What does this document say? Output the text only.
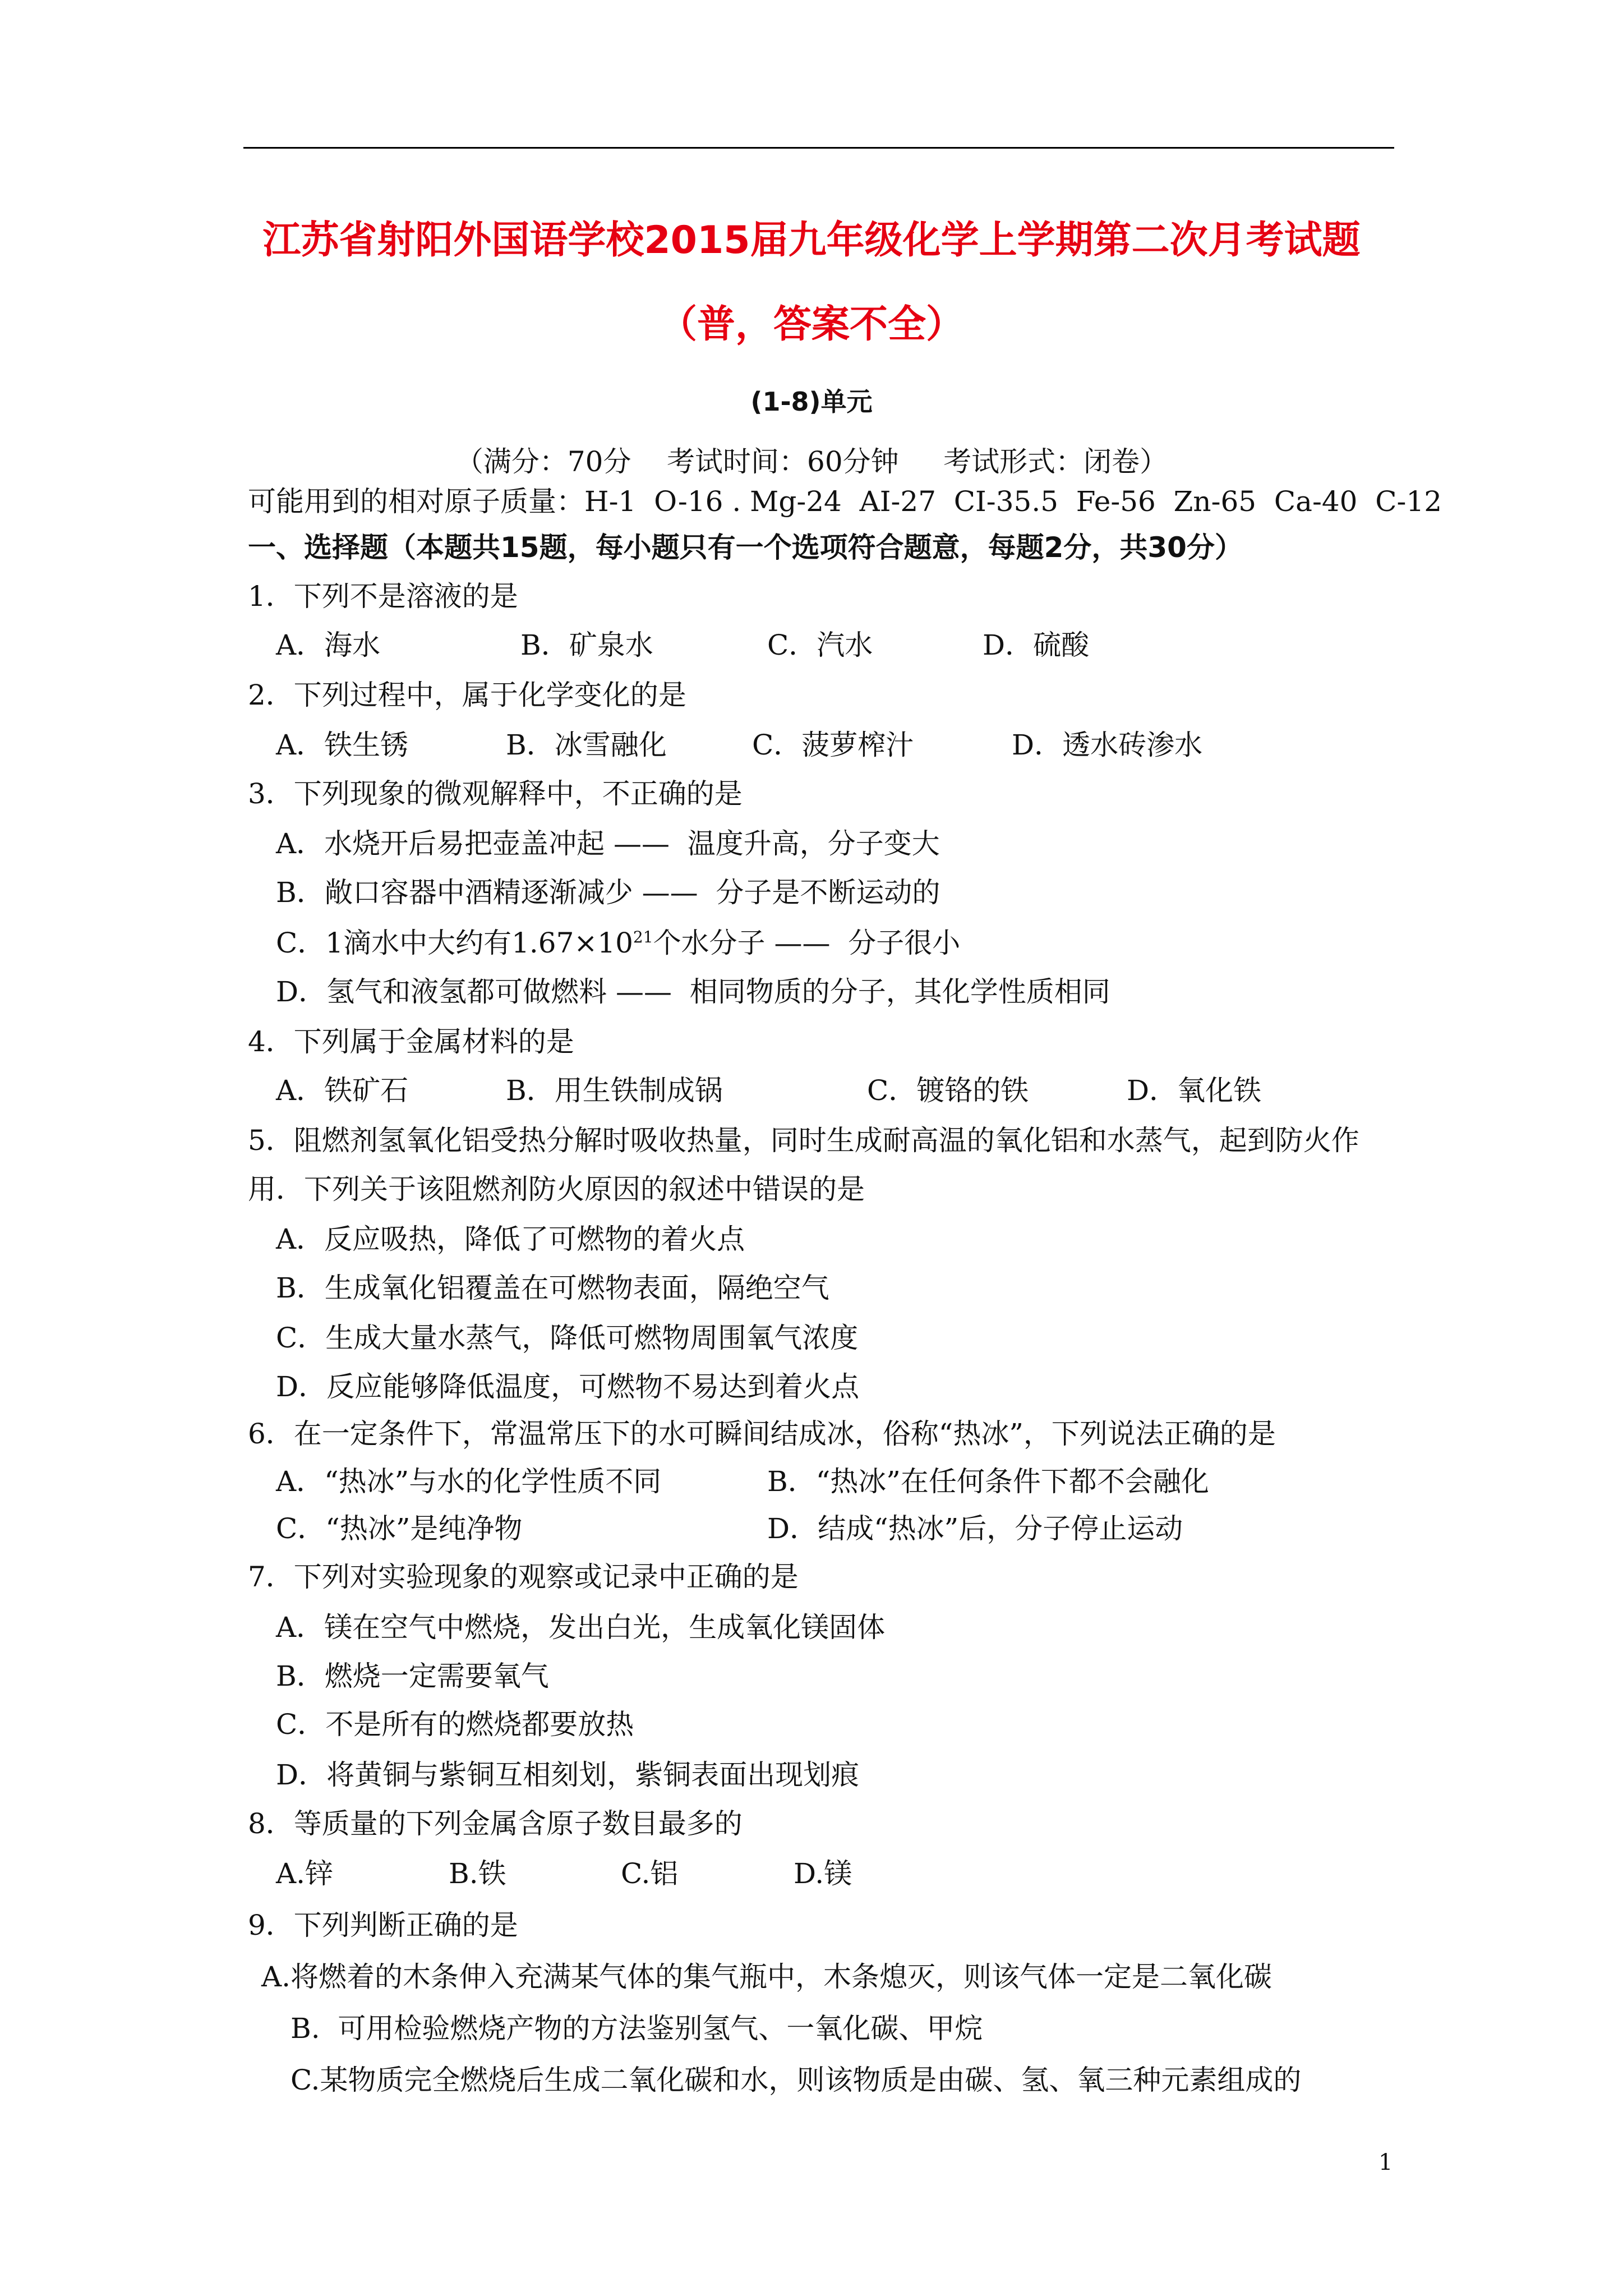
江苏省射阳外国语学校2015届九年级化学上学期第二次月考试题
（普，答案不全）
(1-8)单元
（满分：70分    考试时间：60分钟     考试形式：闭卷）
可能用到的相对原子质量：H-1  O-16 . Mg-24  AI-27  CI-35.5  Fe-56  Zn-65  Ca-40  C-12
一、选择题（本题共15题，每小题只有一个选项符合题意，每题2分，共30分）
1．下列不是溶液的是
A．海水	B．矿泉水	C．汽水	D．硫酸
2．下列过程中，属于化学变化的是
A．铁生锈	B．冰雪融化	C．菠萝榨汁	D．透水砖渗水
3．下列现象的微观解释中，不正确的是
A．水烧开后易把壶盖冲起 ——  温度升高，分子变大
B．敞口容器中酒精逐渐减少 ——  分子是不断运动的
C．1滴水中大约有$1.67\times 10^{21}$个水分子 ——  分子很小
D．氢气和液氢都可做燃料 ——  相同物质的分子，其化学性质相同
4．下列属于金属材料的是
A．铁矿石	B．用生铁制成锅	C．镀铬的铁	D．氧化铁
5．阻燃剂氢氧化铝受热分解时吸收热量，同时生成耐高温的氧化铝和水蒸气，起到防火作
用．下列关于该阻燃剂防火原因的叙述中错误的是
A．反应吸热，降低了可燃物的着火点
B．生成氧化铝覆盖在可燃物表面，隔绝空气
C．生成大量水蒸气，降低可燃物周围氧气浓度
D．反应能够降低温度，可燃物不易达到着火点
6．在一定条件下，常温常压下的水可瞬间结成冰，俗称“热冰”，下列说法正确的是
A．“热冰”与水的化学性质不同	B．“热冰”在任何条件下都不会融化
C．“热冰”是纯净物	D．结成“热冰”后，分子停止运动
7．下列对实验现象的观察或记录中正确的是
A．镁在空气中燃烧，发出白光，生成氧化镁固体
B．燃烧一定需要氧气
C．不是所有的燃烧都要放热
D．将黄铜与紫铜互相刻划，紫铜表面出现划痕
8．等质量的下列金属含原子数目最多的
A.锌	B.铁	C.铝	D.镁
9．下列判断正确的是
A.将燃着的木条伸入充满某气体的集气瓶中，木条熄灭，则该气体一定是二氧化碳
B.  可用检验燃烧产物的方法鉴别氢气、一氧化碳、甲烷
C.某物质完全燃烧后生成二氧化碳和水，则该物质是由碳、氢、氧三种元素组成的
1
